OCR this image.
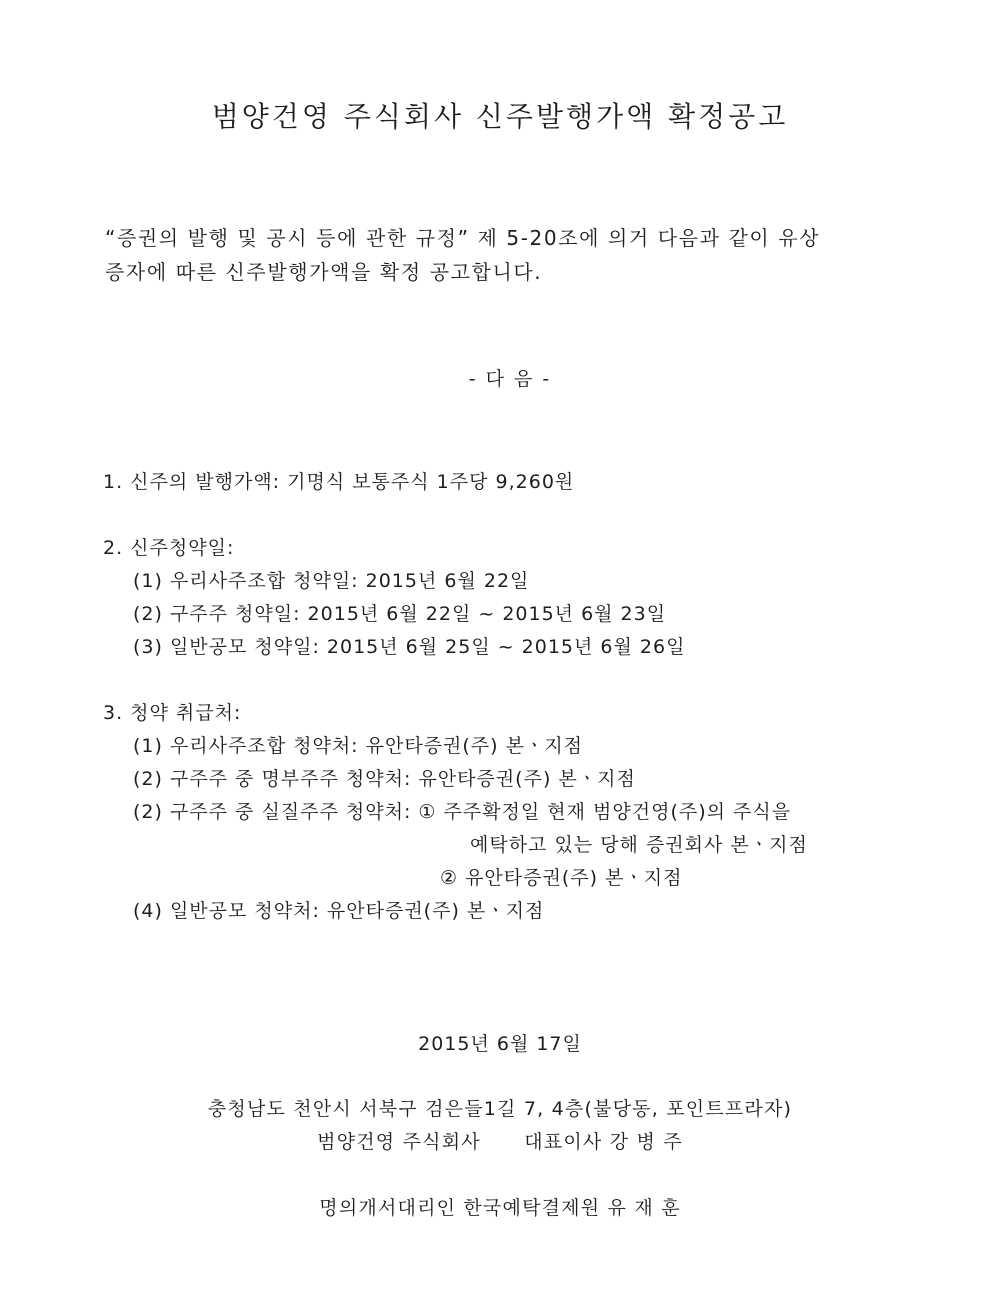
범양건영 주식회사 신주발행가액 확정공고
“증권의 발행 및 공시 등에 관한 규정” 제 5-20조에 의거 다음과 같이 유상
증자에 따른 신주발행가액을 확정 공고합니다.
- 다 음 -
1. 신주의 발행가액: 기명식 보통주식 1주당 9,260원
2. 신주청약일:
(1) 우리사주조합 청약일: 2015년 6월 22일
(2) 구주주 청약일: 2015년 6월 22일 ~ 2015년 6월 23일
(3) 일반공모 청약일: 2015년 6월 25일 ~ 2015년 6월 26일
3. 청약 취급처:
(1) 우리사주조합 청약처: 유안타증권(주) 본ㆍ지점
(2) 구주주 중 명부주주 청약처: 유안타증권(주) 본ㆍ지점
(2) 구주주 중 실질주주 청약처: ① 주주확정일 현재 범양건영(주)의 주식을
예탁하고 있는 당해 증권회사 본ㆍ지점
② 유안타증권(주) 본ㆍ지점
(4) 일반공모 청약처: 유안타증권(주) 본ㆍ지점
2015년 6월 17일
충청남도 천안시 서북구 검은들1길 7, 4층(불당동, 포인트프라자)
범양건영 주식회사      대표이사 강 병 주
명의개서대리인 한국예탁결제원 유 재 훈
